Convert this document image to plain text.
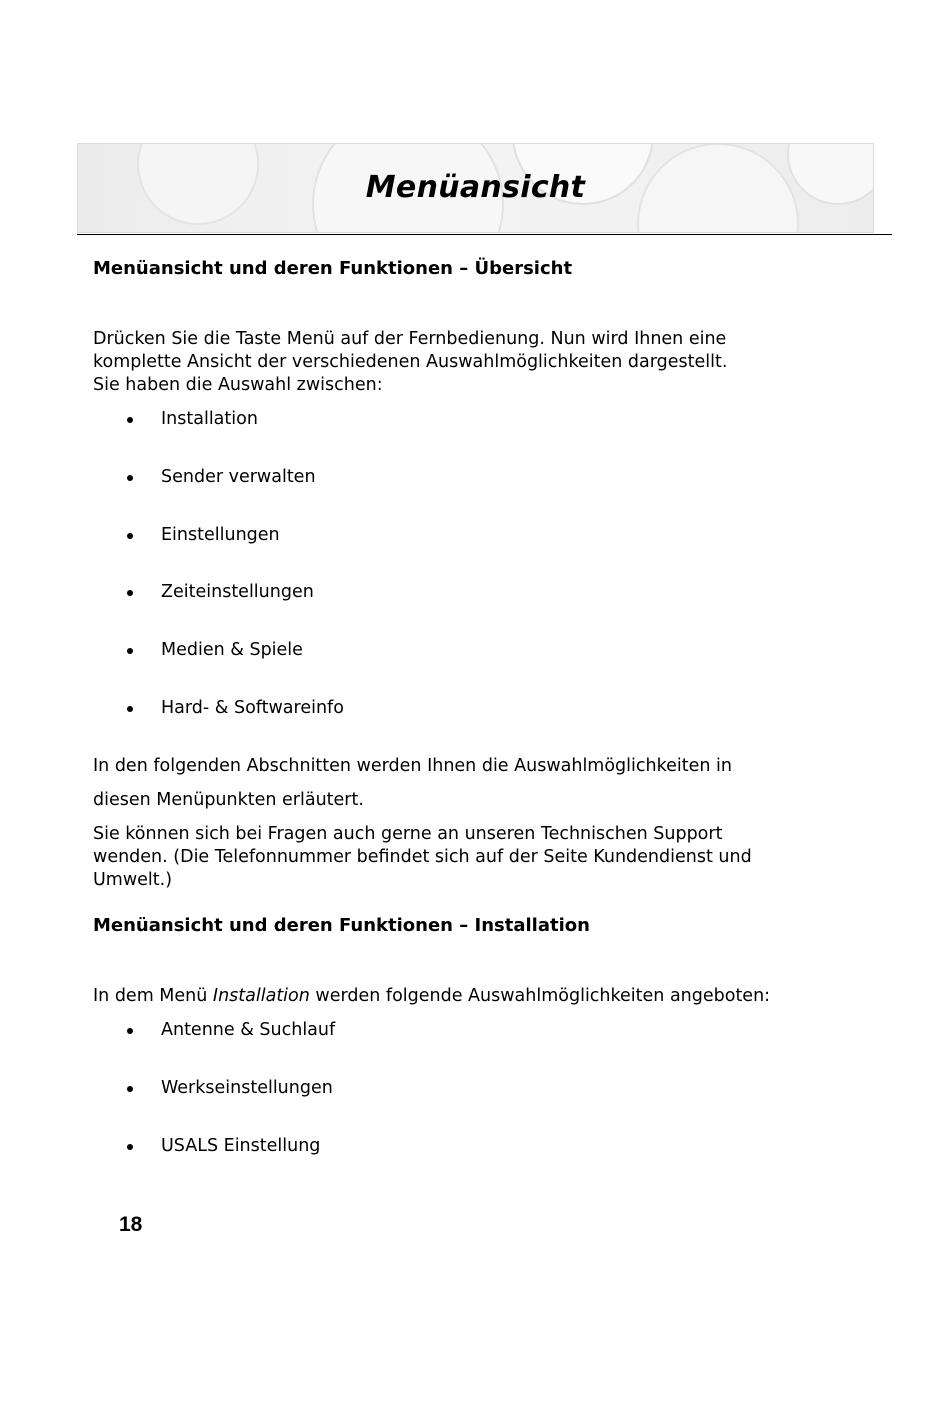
Menüansicht
Menüansicht und deren Funktionen – Übersicht
Drücken Sie die Taste Menü auf der Fernbedienung. Nun wird Ihnen eine
komplette Ansicht der verschiedenen Auswahlmöglichkeiten dargestellt.
Sie haben die Auswahl zwischen:
Installation
Sender verwalten
Einstellungen
Zeiteinstellungen
Medien & Spiele
Hard- & Softwareinfo
In den folgenden Abschnitten werden Ihnen die Auswahlmöglichkeiten in
diesen Menüpunkten erläutert.
Sie können sich bei Fragen auch gerne an unseren Technischen Support
wenden. (Die Telefonnummer befindet sich auf der Seite Kundendienst und
Umwelt.)
Menüansicht und deren Funktionen – Installation
In dem Menü Installation werden folgende Auswahlmöglichkeiten angeboten:
Antenne & Suchlauf
Werkseinstellungen
USALS Einstellung
18
